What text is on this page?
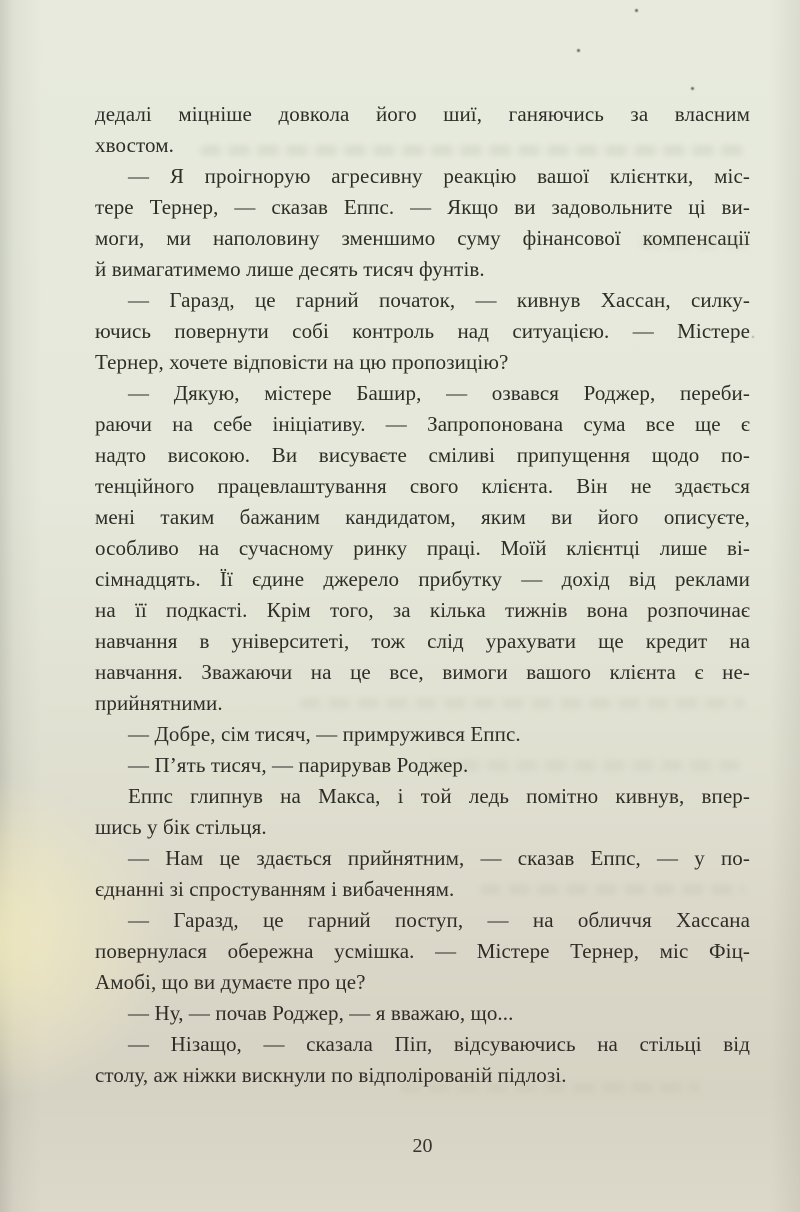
дедалі міцніше довкола його шиї, ганяючись за власним
хвостом.
— Я проігнорую агресивну реакцію вашої клієнтки, міс-
тере Тернер, — сказав Еппс. — Якщо ви задовольните ці ви-
моги, ми наполовину зменшимо суму фінансової компенсації
й вимагатимемо лише десять тисяч фунтів.
— Гаразд, це гарний початок, — кивнув Хассан, силку-
ючись повернути собі контроль над ситуацією. — Містере
Тернер, хочете відповісти на цю пропозицію?
— Дякую, містере Башир, — озвався Роджер, переби-
раючи на себе ініціативу. — Запропонована сума все ще є
надто високою. Ви висуваєте сміливі припущення щодо по-
тенційного працевлаштування свого клієнта. Він не здається
мені таким бажаним кандидатом, яким ви його описуєте,
особливо на сучасному ринку праці. Моїй клієнтці лише ві-
сімнадцять. Її єдине джерело прибутку — дохід від реклами
на її подкасті. Крім того, за кілька тижнів вона розпочинає
навчання в університеті, тож слід урахувати ще кредит на
навчання. Зважаючи на це все, вимоги вашого клієнта є не-
прийнятними.
— Добре, сім тисяч, — примружився Еппс.
— П’ять тисяч, — парирував Роджер.
Еппс глипнув на Макса, і той ледь помітно кивнув, впер-
шись у бік стільця.
— Нам це здається прийнятним, — сказав Еппс, — у по-
єднанні зі спростуванням і вибаченням.
— Гаразд, це гарний поступ, — на обличчя Хассана
повернулася обережна усмішка. — Містере Тернер, міс Фіц-
Амобі, що ви думаєте про це?
— Ну, — почав Роджер, — я вважаю, що...
— Нізащо, — сказала Піп, відсуваючись на стільці від
столу, аж ніжки вискнули по відполірованій підлозі.
20
